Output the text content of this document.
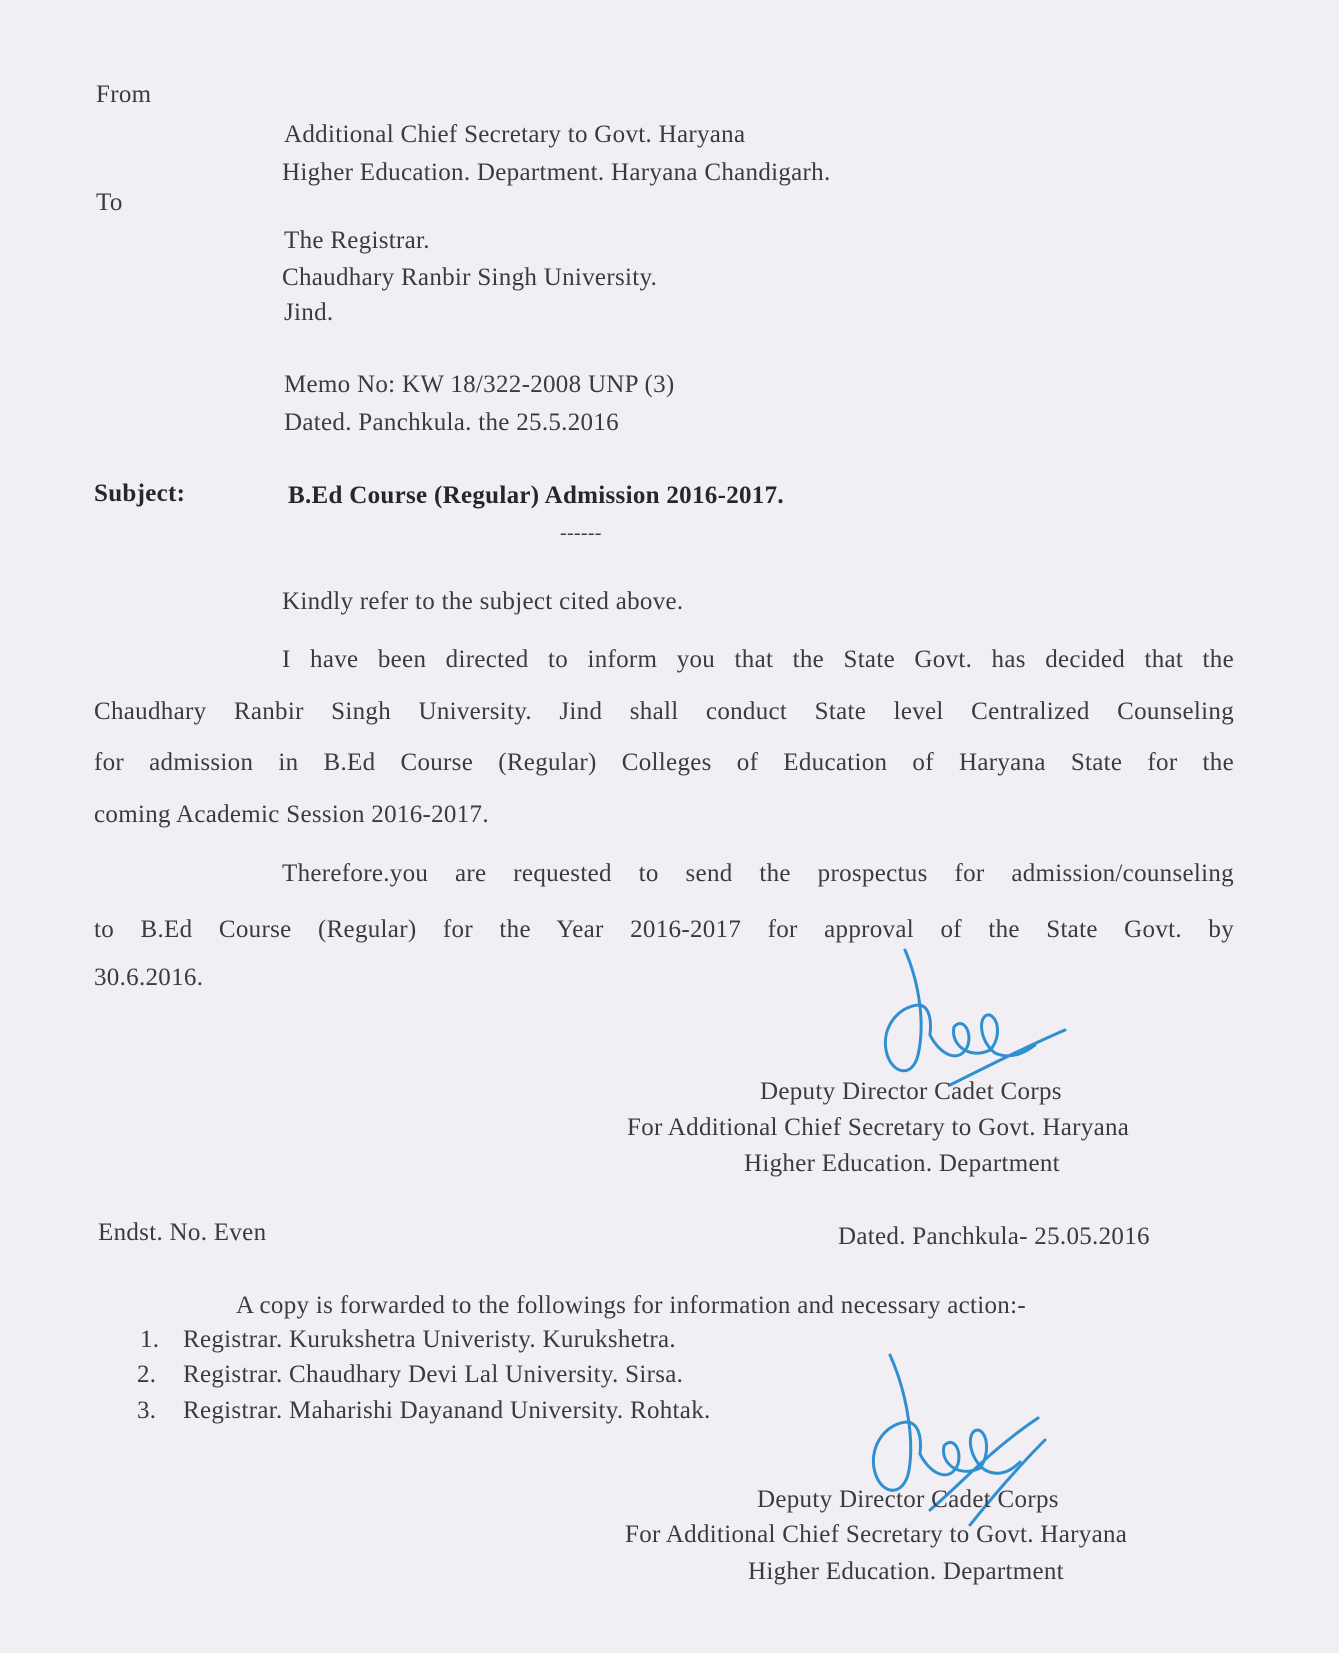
From
Additional Chief Secretary to Govt. Haryana
Higher Education. Department. Haryana Chandigarh.
To
The Registrar.
Chaudhary Ranbir Singh University.
Jind.
Memo No: KW 18/322-2008 UNP (3)
Dated. Panchkula. the 25.5.2016
Subject:	B.Ed Course (Regular) Admission 2016-2017.
------
Kindly refer to the subject cited above.
I have been directed to inform you that the State Govt. has decided that the
Chaudhary Ranbir Singh University. Jind shall conduct State level Centralized Counseling
for admission in B.Ed Course (Regular) Colleges of Education of Haryana State for the
coming Academic Session 2016-2017.
Therefore.you are requested to send the prospectus for admission/counseling
to B.Ed Course (Regular) for the Year 2016-2017 for approval of the State Govt. by
30.6.2016.
Deputy Director Cadet Corps
For Additional Chief Secretary to Govt. Haryana
Higher Education. Department
Endst. No. Even	Dated. Panchkula- 25.05.2016
A copy is forwarded to the followings for information and necessary action:-
1. Registrar. Kurukshetra Univeristy. Kurukshetra.
2. Registrar. Chaudhary Devi Lal University. Sirsa.
3. Registrar. Maharishi Dayanand University. Rohtak.
Deputy Director Cadet Corps
For Additional Chief Secretary to Govt. Haryana
Higher Education. Department
